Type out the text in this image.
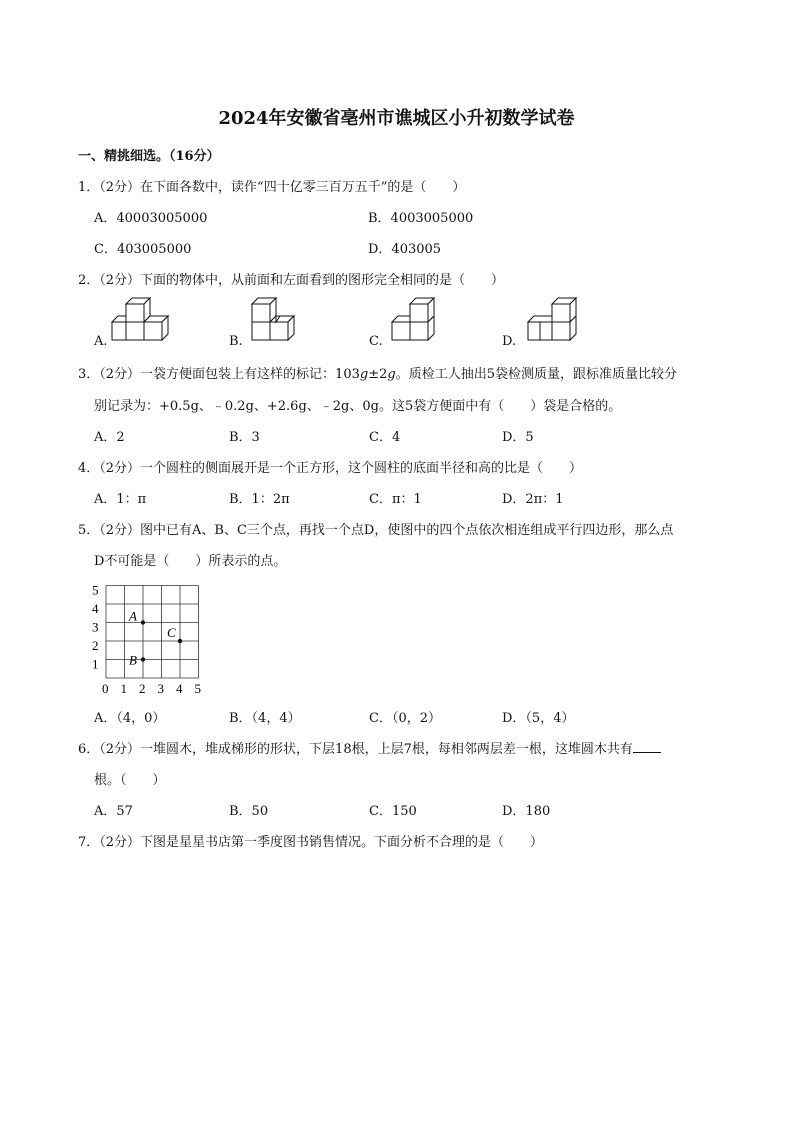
2024年安徽省亳州市谯城区小升初数学试卷
一、精挑细选。（16分）
1．（2分）在下面各数中，读作“四十亿零三百万五千”的是（　　）
A．40003005000	B．4003005000
C．403005000	D．403005
2．（2分）下面的物体中，从前面和左面看到的图形完全相同的是（　　）
A.	B.	C.	D.
3．（2分）一袋方便面包装上有这样的标记：103g±2g。质检工人抽出5袋检测质量，跟标准质量比较分
别记录为：+0.5g、﹣0.2g、+2.6g、﹣2g、0g。这5袋方便面中有（　　）袋是合格的。
A．2	B．3	C．4	D．5
4．（2分）一个圆柱的侧面展开是一个正方形，这个圆柱的底面半径和高的比是（　　）
A．1：π	B．1：2π	C．π：1	D．2π：1
5．（2分）图中已有A、B、C三个点，再找一个点D，使图中的四个点依次相连组成平行四边形，那么点
D不可能是（　　）所表示的点。
5
4
3
2
1
0 1 2 3 4 5
A
B
C
A．（4，0）	B．（4，4）	C．（0，2）	D．（5，4）
6．（2分）一堆圆木，堆成梯形的形状，下层18根，上层7根，每相邻两层差一根，这堆圆木共有
根。（　　）
A．57	B．50	C．150	D．180
7．（2分）下图是星星书店第一季度图书销售情况。下面分析不合理的是（　　）
